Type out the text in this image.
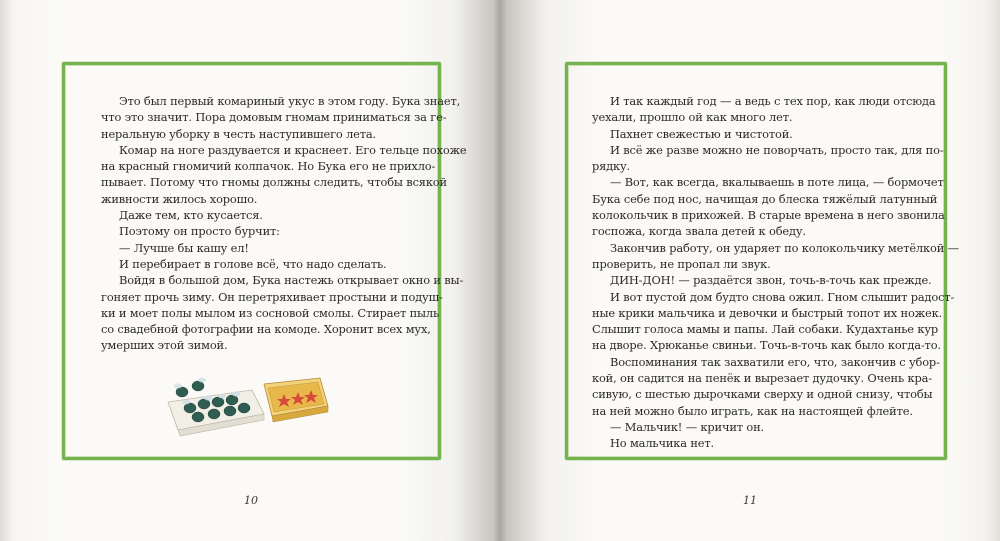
Это был первый комариный укус в этом году. Бука знает,

что это значит. Пора домовым гномам приниматься за ге-

неральную уборку в честь наступившего лета.

Комар на ноге раздувается и краснеет. Его тельце похоже

на красный гномичий колпачок. Но Бука его не прихло-

пывает. Потому что гномы должны следить, чтобы всякой

живности жилось хорошо.

Даже тем, кто кусается.

Поэтому он просто бурчит:

— Лучше бы кашу ел!

И перебирает в голове всё, что надо сделать.

Войдя в большой дом, Бука настежь открывает окно и вы-

гоняет прочь зиму. Он перетряхивает простыни и подуш-

ки и моет полы мылом из сосновой смолы. Стирает пыль

со свадебной фотографии на комоде. Хоронит всех мух,

умерших этой зимой.

10

И так каждый год — а ведь с тех пор, как люди отсюда

уехали, прошло ой как много лет.

Пахнет свежестью и чистотой.

И всё же разве можно не поворчать, просто так, для по-

рядку.

— Вот, как всегда, вкалываешь в поте лица, — бормочет

Бука себе под нос, начищая до блеска тяжёлый латунный

колокольчик в прихожей. В старые времена в него звонила

госпожа, когда звала детей к обеду.

Закончив работу, он ударяет по колокольчику метёлкой —

проверить, не пропал ли звук.

ДИН-ДОН! — раздаётся звон, точь-в-точь как прежде.

И вот пустой дом будто снова ожил. Гном слышит радост-

ные крики мальчика и девочки и быстрый топот их ножек.

Слышит голоса мамы и папы. Лай собаки. Кудахтанье кур

на дворе. Хрюканье свиньи. Точь-в-точь как было когда-то.

Воспоминания так захватили его, что, закончив с убор-

кой, он садится на пенёк и вырезает дудочку. Очень кра-

сивую, с шестью дырочками сверху и одной снизу, чтобы

на ней можно было играть, как на настоящей флейте.

— Мальчик! — кричит он.

Но мальчика нет.

11
